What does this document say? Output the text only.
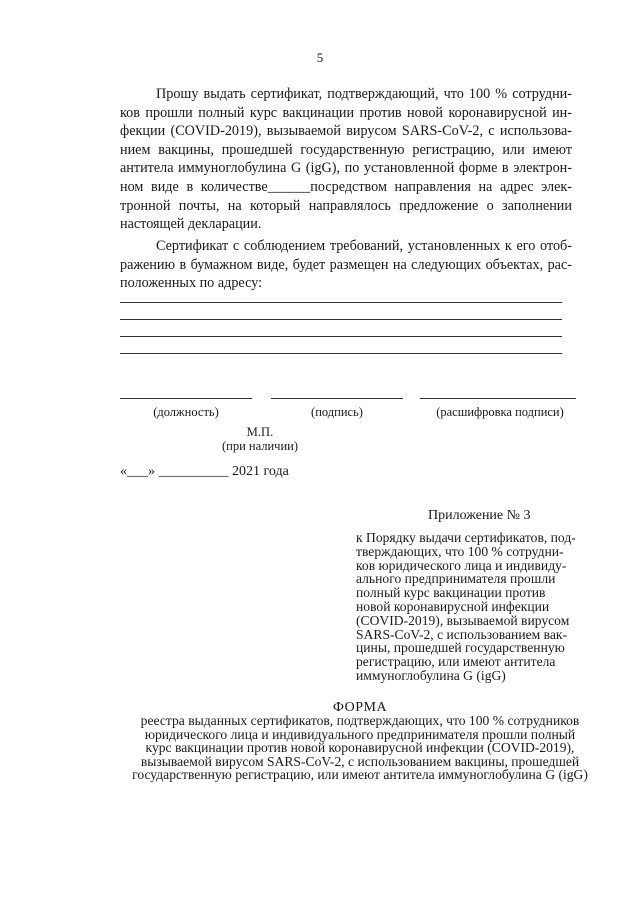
5
Прошу выдать сертификат, подтверждающий, что 100 % сотрудни-
ков прошли полный курс вакцинации против новой коронавирусной ин-
фекции (COVID-2019), вызываемой вирусом SARS-CoV-2, с использова-
нием вакцины, прошедшей государственную регистрацию, или имеют
антитела иммуноглобулина G (igG), по установленной форме в электрон-
ном виде в количестве______посредством направления на адрес элек-
тронной почты, на который направлялось предложение о заполнении
настоящей декларации.
Сертификат с соблюдением требований, установленных к его отоб-
ражению в бумажном виде, будет размещен на следующих объектах, рас-
положенных по адресу:
(должность)	(подпись)	(расшифровка подписи)
М.П.
(при наличии)
«___» __________ 2021 года
Приложение № 3
к Порядку выдачи сертификатов, под-
тверждающих, что 100 % сотрудни-
ков юридического лица и индивиду-
ального предпринимателя прошли
полный курс вакцинации против
новой коронавирусной инфекции
(COVID-2019), вызываемой вирусом
SARS-CoV-2, с использованием вак-
цины, прошедшей государственную
регистрацию, или имеют антитела
иммуноглобулина G (igG)
ФОРМА
реестра выданных сертификатов, подтверждающих, что 100 % сотрудников
юридического лица и индивидуального предпринимателя прошли полный
курс вакцинации против новой коронавирусной инфекции (COVID-2019),
вызываемой вирусом SARS-CoV-2, с использованием вакцины, прошедшей
государственную регистрацию, или имеют антитела иммуноглобулина G (igG)
